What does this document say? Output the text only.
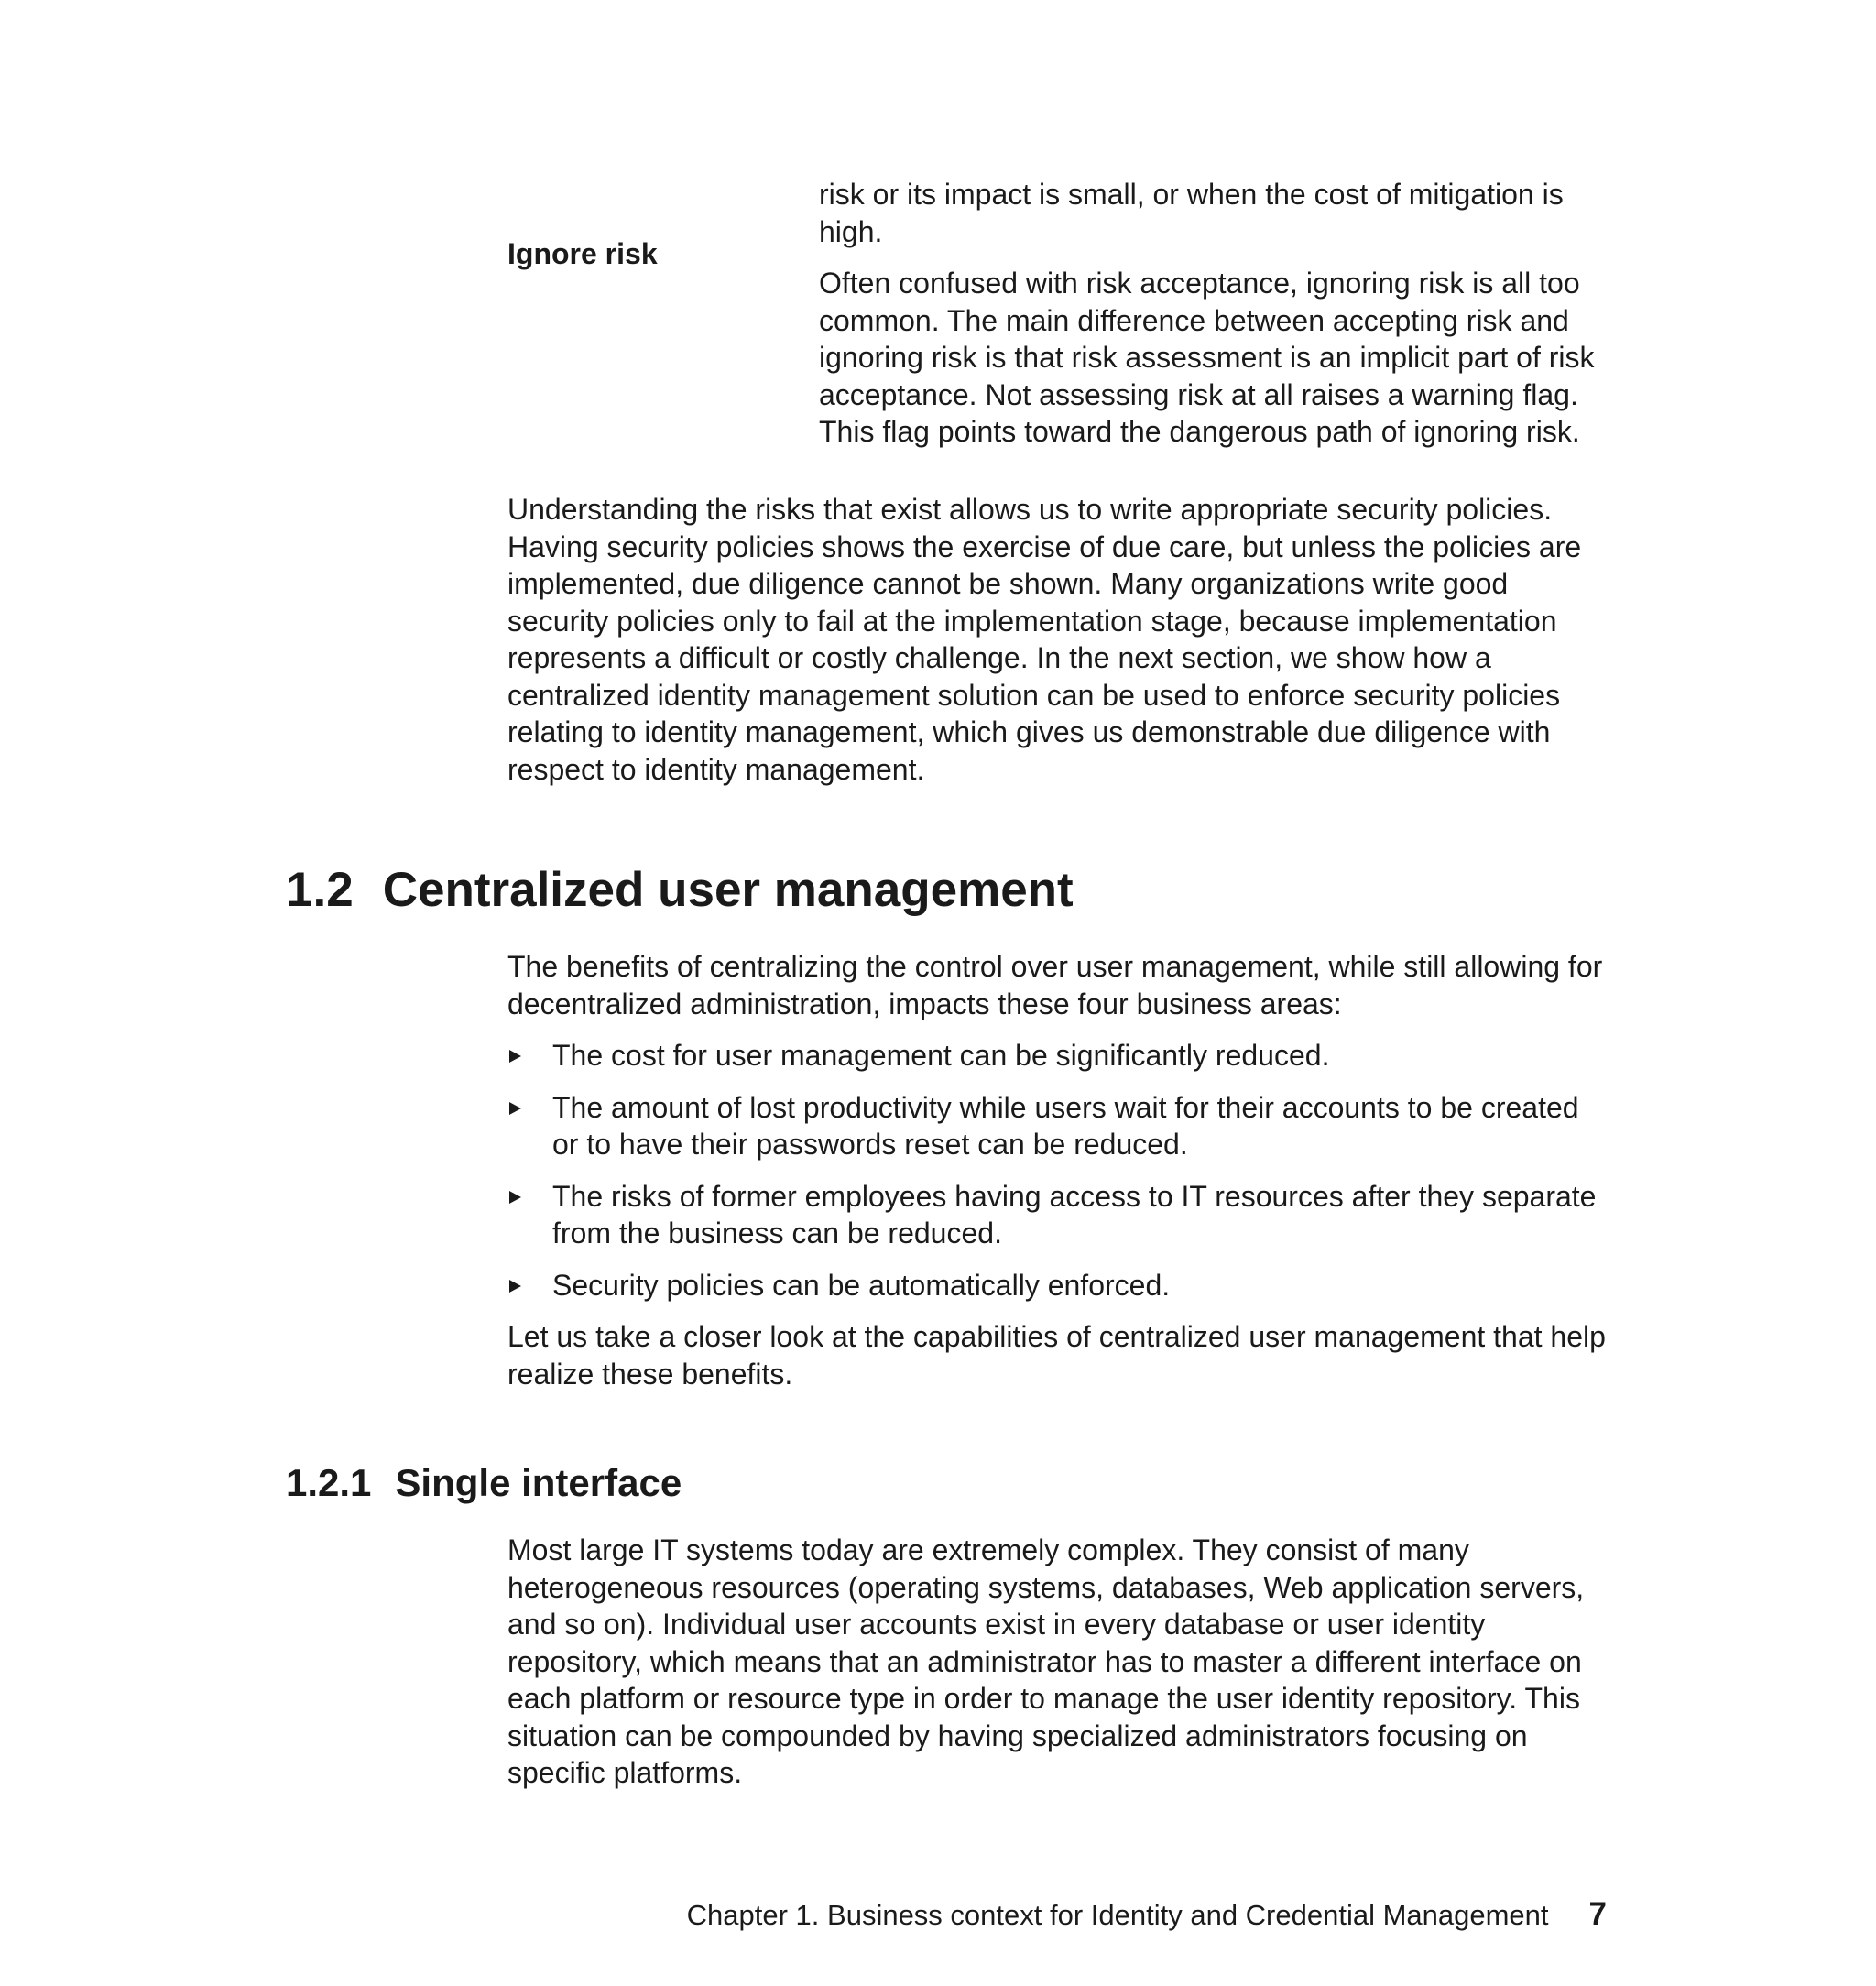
risk or its impact is small, or when the cost of mitigation is high.

Ignore risk

Often confused with risk acceptance, ignoring risk is all too common. The main difference between accepting risk and ignoring risk is that risk assessment is an implicit part of risk acceptance. Not assessing risk at all raises a warning flag. This flag points toward the dangerous path of ignoring risk.

Understanding the risks that exist allows us to write appropriate security policies. Having security policies shows the exercise of due care, but unless the policies are implemented, due diligence cannot be shown. Many organizations write good security policies only to fail at the implementation stage, because implementation represents a difficult or costly challenge. In the next section, we show how a centralized identity management solution can be used to enforce security policies relating to identity management, which gives us demonstrable due diligence with respect to identity management.

1.2 Centralized user management

The benefits of centralizing the control over user management, while still allowing for decentralized administration, impacts these four business areas:

The cost for user management can be significantly reduced.
The amount of lost productivity while users wait for their accounts to be created or to have their passwords reset can be reduced.
The risks of former employees having access to IT resources after they separate from the business can be reduced.
Security policies can be automatically enforced.

Let us take a closer look at the capabilities of centralized user management that help realize these benefits.

1.2.1 Single interface

Most large IT systems today are extremely complex. They consist of many heterogeneous resources (operating systems, databases, Web application servers, and so on). Individual user accounts exist in every database or user identity repository, which means that an administrator has to master a different interface on each platform or resource type in order to manage the user identity repository. This situation can be compounded by having specialized administrators focusing on specific platforms.

Chapter 1. Business context for Identity and Credential Management 7
